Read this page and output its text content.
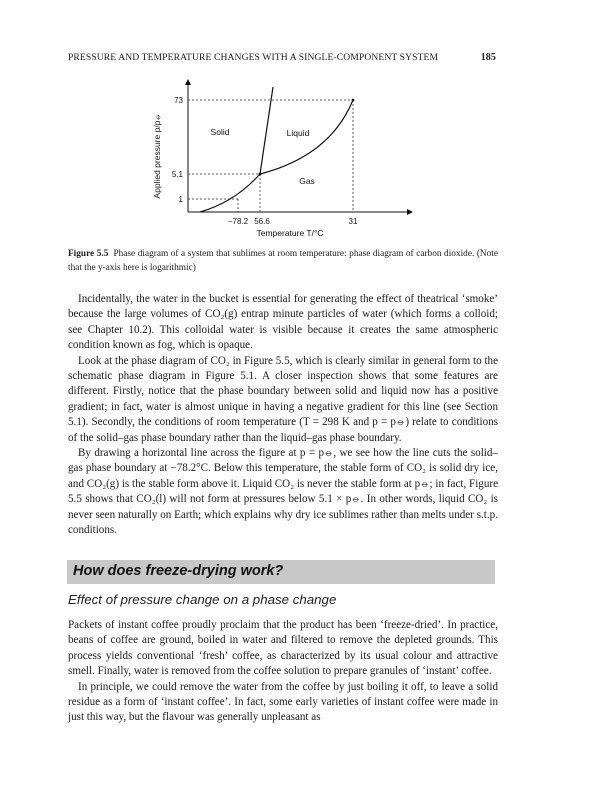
PRESSURE AND TEMPERATURE CHANGES WITH A SINGLE-COMPONENT SYSTEM	185
73
5.1
1
−78.2 56.6	31
Solid	Liquid
Gas
Temperature T/°C
Applied pressure p/p⦵
Figure 5.5 Phase diagram of a system that sublimes at room temperature: phase diagram of carbon dioxide. (Note that the y-axis here is logarithmic)

Incidentally, the water in the bucket is essential for generating the effect of theatrical ‘smoke’ because the large volumes of CO₂(g) entrap minute particles of water (which forms a colloid; see Chapter 10.2). This colloidal water is visible because it creates the same atmospheric condition known as fog, which is opaque.

Look at the phase diagram of CO₂ in Figure 5.5, which is clearly similar in general form to the schematic phase diagram in Figure 5.1. A closer inspection shows that some features are different. Firstly, notice that the phase boundary between solid and liquid now has a positive gradient; in fact, water is almost unique in having a negative gradient for this line (see Section 5.1). Secondly, the conditions of room temperature (T = 298 K and p = p⦵) relate to conditions of the solid–gas phase boundary rather than the liquid–gas phase boundary.

By drawing a horizontal line across the figure at p = p⦵, we see how the line cuts the solid–gas phase boundary at −78.2°C. Below this temperature, the stable form of CO₂ is solid dry ice, and CO₂(g) is the stable form above it. Liquid CO₂ is never the stable form at p⦵; in fact, Figure 5.5 shows that CO₂(l) will not form at pressures below 5.1 × p⦵. In other words, liquid CO₂ is never seen naturally on Earth; which explains why dry ice sublimes rather than melts under s.t.p. conditions.

How does freeze-drying work?
Effect of pressure change on a phase change

Packets of instant coffee proudly proclaim that the product has been ‘freeze-dried’. In practice, beans of coffee are ground, boiled in water and filtered to remove the depleted grounds. This process yields conventional ‘fresh’ coffee, as characterized by its usual colour and attractive smell. Finally, water is removed from the coffee solution to prepare granules of ‘instant’ coffee.

In principle, we could remove the water from the coffee by just boiling it off, to leave a solid residue as a form of ‘instant coffee’. In fact, some early varieties of instant coffee were made in just this way, but the flavour was generally unpleasant as
